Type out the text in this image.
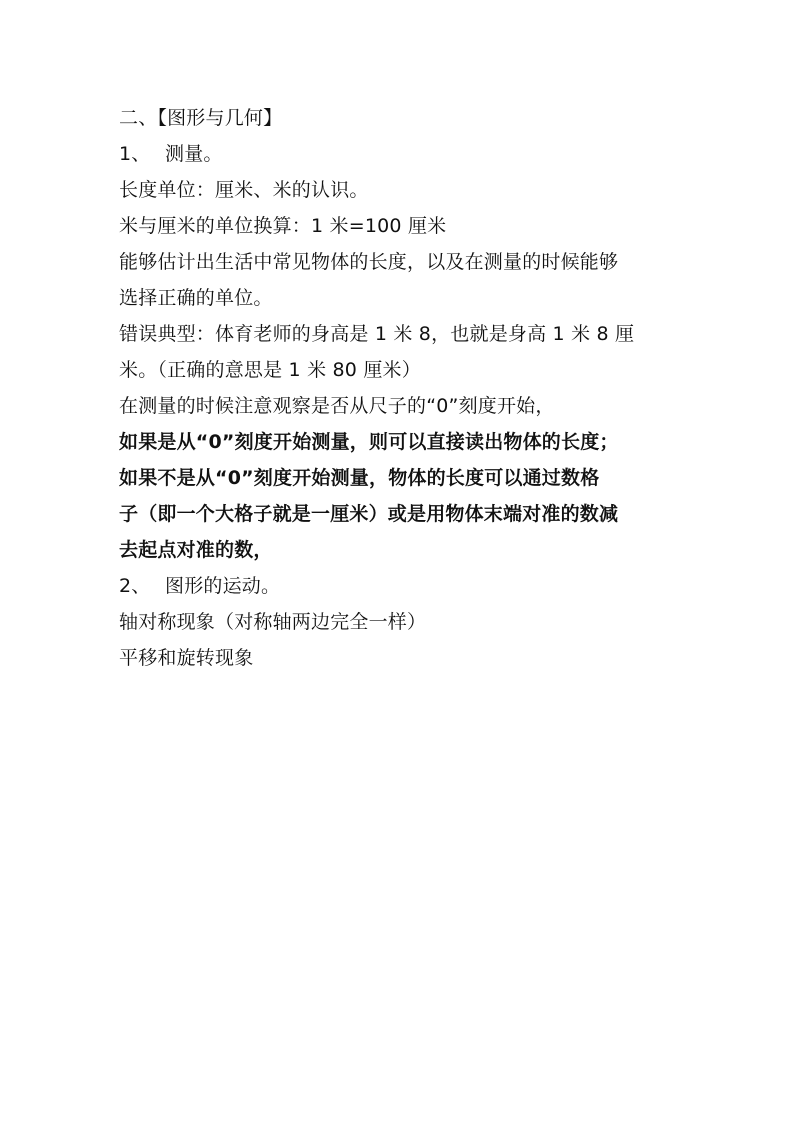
二、【图形与几何】
1、 测量。
长度单位：厘米、米的认识。
米与厘米的单位换算：1 米=100 厘米
能够估计出生活中常见物体的长度，以及在测量的时候能够
选择正确的单位。
错误典型：体育老师的身高是 1 米 8，也就是身高 1 米 8 厘
米。（正确的意思是 1 米 80 厘米）
在测量的时候注意观察是否从尺子的“0”刻度开始，
如果是从“0”刻度开始测量，则可以直接读出物体的长度；
如果不是从“0”刻度开始测量，物体的长度可以通过数格
子（即一个大格子就是一厘米）或是用物体末端对准的数减
去起点对准的数，
2、 图形的运动。
轴对称现象（对称轴两边完全一样）
平移和旋转现象
